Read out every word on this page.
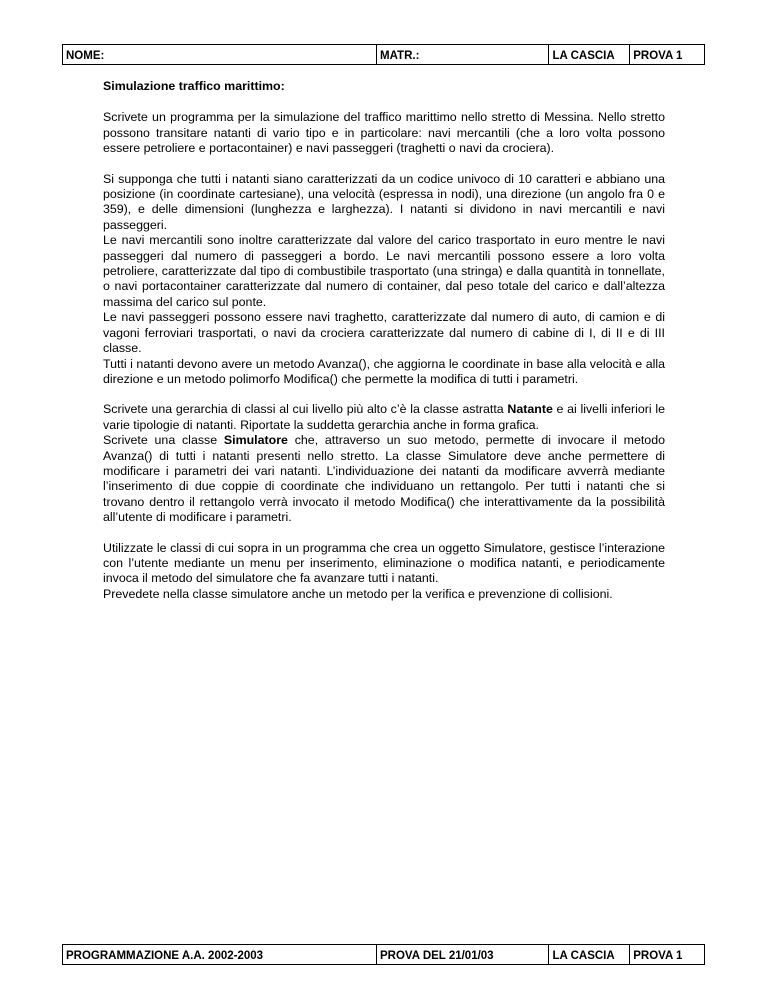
NOME:	MATR.:	LA CASCIA PROVA 1
Simulazione traffico marittimo:

Scrivete un programma per la simulazione del traffico marittimo nello stretto di Messina. Nello stretto possono transitare natanti di vario tipo e in particolare: navi mercantili (che a loro volta possono essere petroliere e portacontainer) e navi passeggeri (traghetti o navi da crociera).

Si supponga che tutti i natanti siano caratterizzati da un codice univoco di 10 caratteri e abbiano una posizione (in coordinate cartesiane), una velocità (espressa in nodi), una direzione (un angolo fra 0 e 359), e delle dimensioni (lunghezza e larghezza). I natanti si dividono in navi mercantili e navi passeggeri.
Le navi mercantili sono inoltre caratterizzate dal valore del carico trasportato in euro mentre le navi passeggeri dal numero di passeggeri a bordo. Le navi mercantili possono essere a loro volta petroliere, caratterizzate dal tipo di combustibile trasportato (una stringa) e dalla quantità in tonnellate, o navi portacontainer caratterizzate dal numero di container, dal peso totale del carico e dall’altezza massima del carico sul ponte.
Le navi passeggeri possono essere navi traghetto, caratterizzate dal numero di auto, di camion e di vagoni ferroviari trasportati, o navi da crociera caratterizzate dal numero di cabine di I, di II e di III classe.
Tutti i natanti devono avere un metodo Avanza(), che aggiorna le coordinate in base alla velocità e alla direzione e un metodo polimorfo Modifica() che permette la modifica di tutti i parametri.

Scrivete una gerarchia di classi al cui livello più alto c’è la classe astratta Natante e ai livelli inferiori le varie tipologie di natanti. Riportate la suddetta gerarchia anche in forma grafica.
Scrivete una classe Simulatore che, attraverso un suo metodo, permette di invocare il metodo Avanza() di tutti i natanti presenti nello stretto. La classe Simulatore deve anche permettere di modificare i parametri dei vari natanti. L’individuazione dei natanti da modificare avverrà mediante l’inserimento di due coppie di coordinate che individuano un rettangolo. Per tutti i natanti che si trovano dentro il rettangolo verrà invocato il metodo Modifica() che interattivamente da la possibilità all’utente di modificare i parametri.

Utilizzate le classi di cui sopra in un programma che crea un oggetto Simulatore, gestisce l’interazione con l’utente mediante un menu per inserimento, eliminazione o modifica natanti, e periodicamente invoca il metodo del simulatore che fa avanzare tutti i natanti.
Prevedete nella classe simulatore anche un metodo per la verifica e prevenzione di collisioni.

PROGRAMMAZIONE A.A. 2002-2003	PROVA DEL 21/01/03	LA CASCIA PROVA 1
